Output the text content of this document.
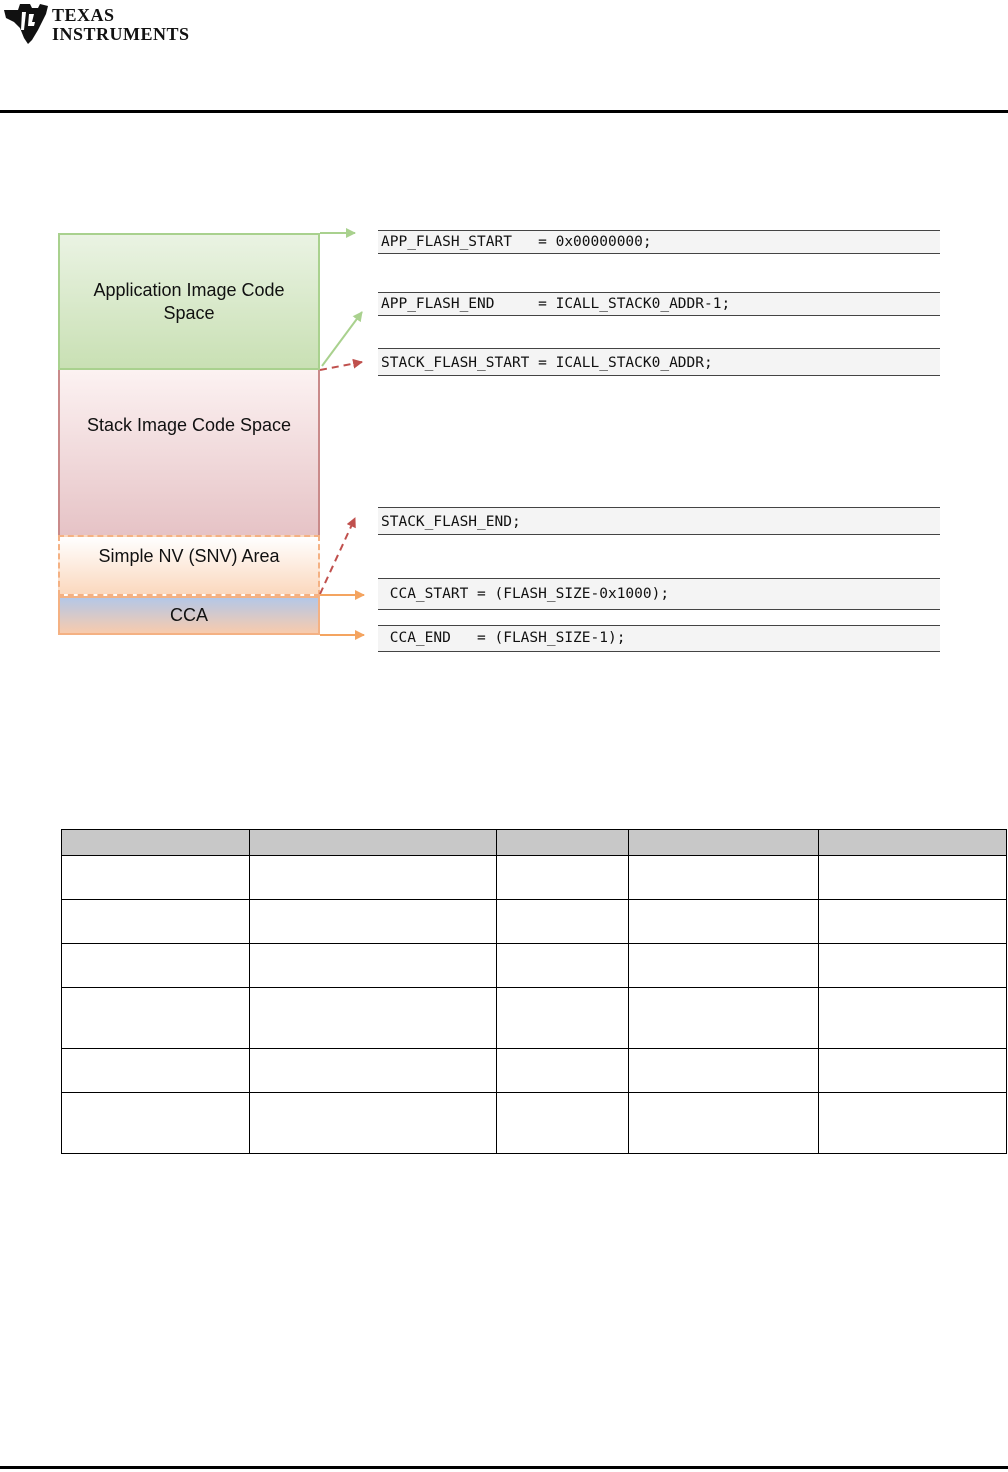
TEXAS
INSTRUMENTS
Application Image Code Space
Stack Image Code Space
Simple NV (SNV) Area
CCA
APP_FLASH_START   = 0x00000000;
APP_FLASH_END     = ICALL_STACK0_ADDR-1;
STACK_FLASH_START = ICALL_STACK0_ADDR;
STACK_FLASH_END;
CCA_START = (FLASH_SIZE-0x1000);
CCA_END   = (FLASH_SIZE-1);
